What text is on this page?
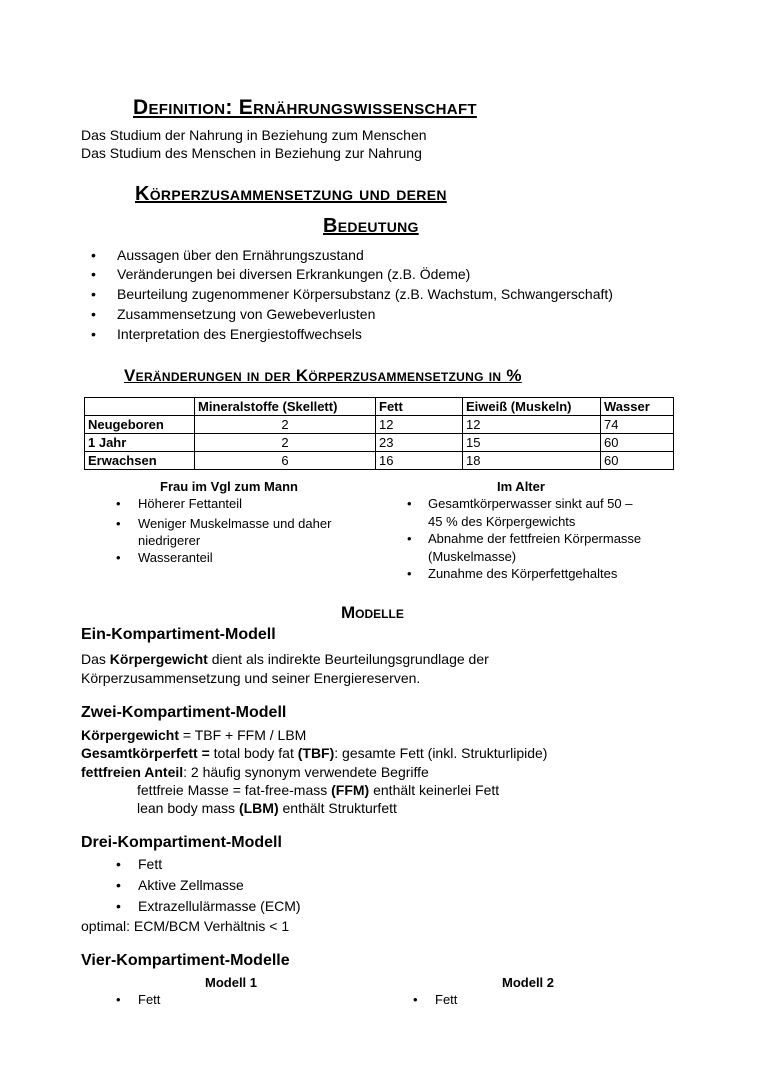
Definition: Ernährungswissenschaft
Das Studium der Nahrung in Beziehung zum Menschen
Das Studium des Menschen in Beziehung zur Nahrung
Körperzusammensetzung und deren
Bedeutung
• Aussagen über den Ernährungszustand
• Veränderungen bei diversen Erkrankungen (z.B. Ödeme)
• Beurteilung zugenommener Körpersubstanz (z.B. Wachstum, Schwangerschaft)
• Zusammensetzung von Gewebeverlusten
• Interpretation des Energiestoffwechsels
Veränderungen in der Körperzusammensetzung in %
	Mineralstoffe (Skellett)	Fett	Eiweiß (Muskeln)	Wasser
Neugeboren	2	12	12	74
1 Jahr	2	23	15	60
Erwachsen	6	16	18	60
Frau im Vgl zum Mann
• Höherer Fettanteil
• Weniger Muskelmasse und daher
niedrigerer
• Wasseranteil
Im Alter
• Gesamtkörperwasser sinkt auf 50 –
45 % des Körpergewichts
• Abnahme der fettfreien Körpermasse
(Muskelmasse)
• Zunahme des Körperfettgehaltes
Modelle
Ein-Kompartiment-Modell
Das Körpergewicht dient als indirekte Beurteilungsgrundlage der
Körperzusammensetzung und seiner Energiereserven.
Zwei-Kompartiment-Modell
Körpergewicht = TBF + FFM / LBM
Gesamtkörperfett = total body fat (TBF): gesamte Fett (inkl. Strukturlipide)
fettfreien Anteil: 2 häufig synonym verwendete Begriffe
fettfreie Masse = fat-free-mass (FFM) enthält keinerlei Fett
lean body mass (LBM) enthält Strukturfett
Drei-Kompartiment-Modell
• Fett
• Aktive Zellmasse
• Extrazellulärmasse (ECM)
optimal: ECM/BCM Verhältnis < 1
Vier-Kompartiment-Modelle
Modell 1	Modell 2
• Fett	• Fett
